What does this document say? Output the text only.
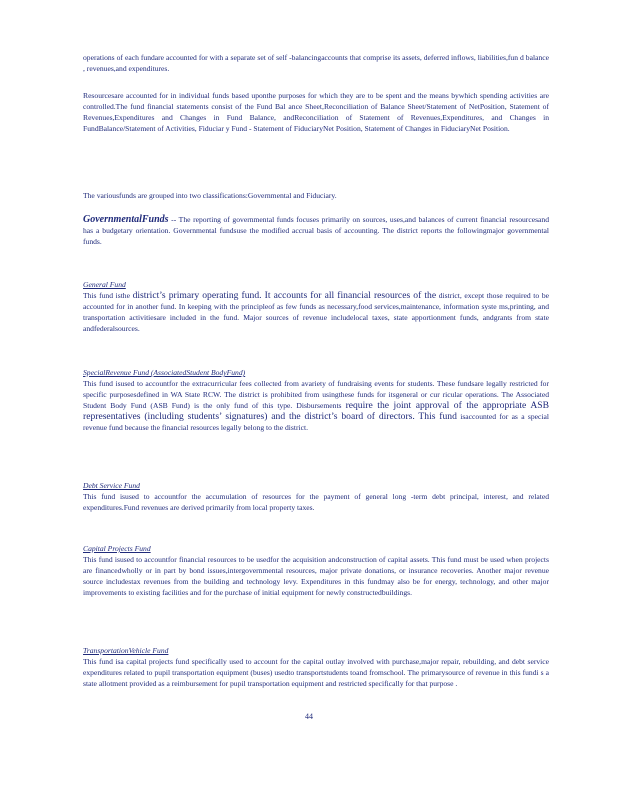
operations of each fundare accounted for with a separate set of self -balancingaccounts that comprise its assets, deferred inflows, liabilities,fun d balance , revenues,and expenditures.

Resourcesare accounted for in individual funds based uponthe purposes for which they are to be spent and the means bywhich spending activities are controlled.The fund financial statements consist of the Fund Bal ance Sheet,Reconciliation of Balance Sheet/Statement of NetPosition, Statement of Revenues,Expenditures and Changes in Fund Balance, andReconciliation of Statement of Revenues,Expenditures, and Changes in FundBalance/Statement of Activities, Fiduciar y Fund - Statement of FiduciaryNet Position, Statement of Changes in FiduciaryNet Position.

The variousfunds are grouped into two classifications:Governmental and Fiduciary.

GovernmentalFunds -- The reporting of governmental funds focuses primarily on sources, uses,and balances of current financial resourcesand has a budgetary orientation. Governmental fundsuse the modified accrual basis of accounting. The district reports the followingmajor governmental funds.

General Fund

This fund isthe district’s primary operating fund. It accounts for all financial resources of the district, except those required to be accounted for in another fund. In keeping with the principleof as few funds as necessary,food services,maintenance, information syste ms,printing, and transportation activitiesare included in the fund. Major sources of revenue includelocal taxes, state apportionment funds, andgrants from state andfederalsources.

SpecialRevenue Fund (AssociatedStudent BodyFund)

This fund isused to accountfor the extracurricular fees collected from avariety of fundraising events for students. These fundsare legally restricted for specific purposesdefined in WA State RCW. The district is prohibited from usingthese funds for itsgeneral or cur ricular operations. The Associated Student Body Fund (ASB Fund) is the only fund of this type. Disbursements require the joint approval of the appropriate ASB representatives (including students’ signatures) and the district’s board of directors. This fund isaccounted for as a special revenue fund because the financial resources legally belong to the district.

Debt Service Fund

This fund isused to accountfor the accumulation of resources for the payment of general long -term debt principal, interest, and related expenditures.Fund revenues are derived primarily from local property taxes.

Capital Projects Fund

This fund isused to accountfor financial resources to be usedfor the acquisition andconstruction of capital assets. This fund must be used when projects are financedwholly or in part by bond issues,intergovernmental resources, major private donations, or insurance recoveries. Another major revenue source includestax revenues from the building and technology levy. Expenditures in this fundmay also be for energy, technology, and other major improvements to existing facilities and for the purchase of initial equipment for newly constructedbuildings.

TransportationVehicle Fund

This fund isa capital projects fund specifically used to account for the capital outlay involved with purchase,major repair, rebuilding, and debt service expenditures related to pupil transportation equipment (buses) usedto transportstudents toand fromschool. The primarysource of revenue in this fundi s a state allotment provided as a reimbursement for pupil transportation equipment and restricted specifically for that purpose .

44
